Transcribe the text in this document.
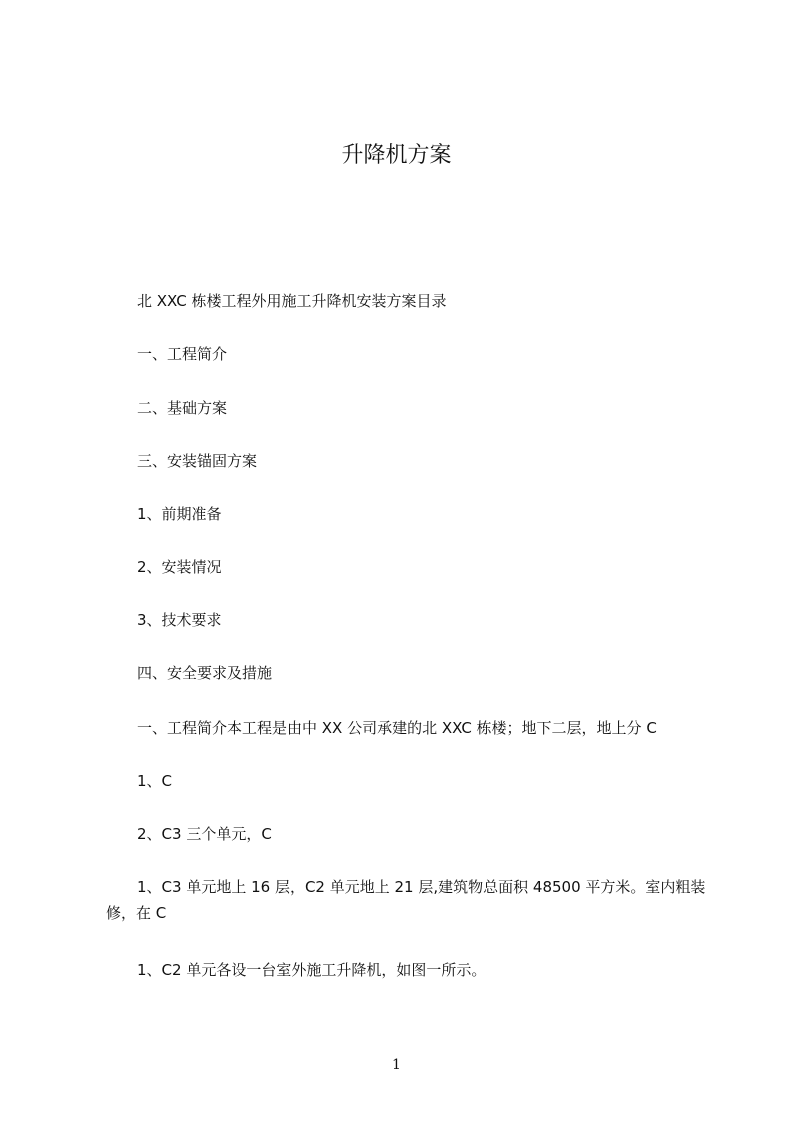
升降机方案

北 XXC 栋楼工程外用施工升降机安装方案目录

一、工程简介

二、基础方案

三、安装锚固方案

1、前期准备

2、安装情况

3、技术要求

四、安全要求及措施

一、工程简介本工程是由中 XX 公司承建的北 XXC 栋楼；地下二层，地上分 C

1、C

2、C3 三个单元，C

1、C3 单元地上 16 层，C2 单元地上 21 层,建筑物总面积 48500 平方米。室内粗装修，在 C

1、C2 单元各设一台室外施工升降机，如图一所示。

1
